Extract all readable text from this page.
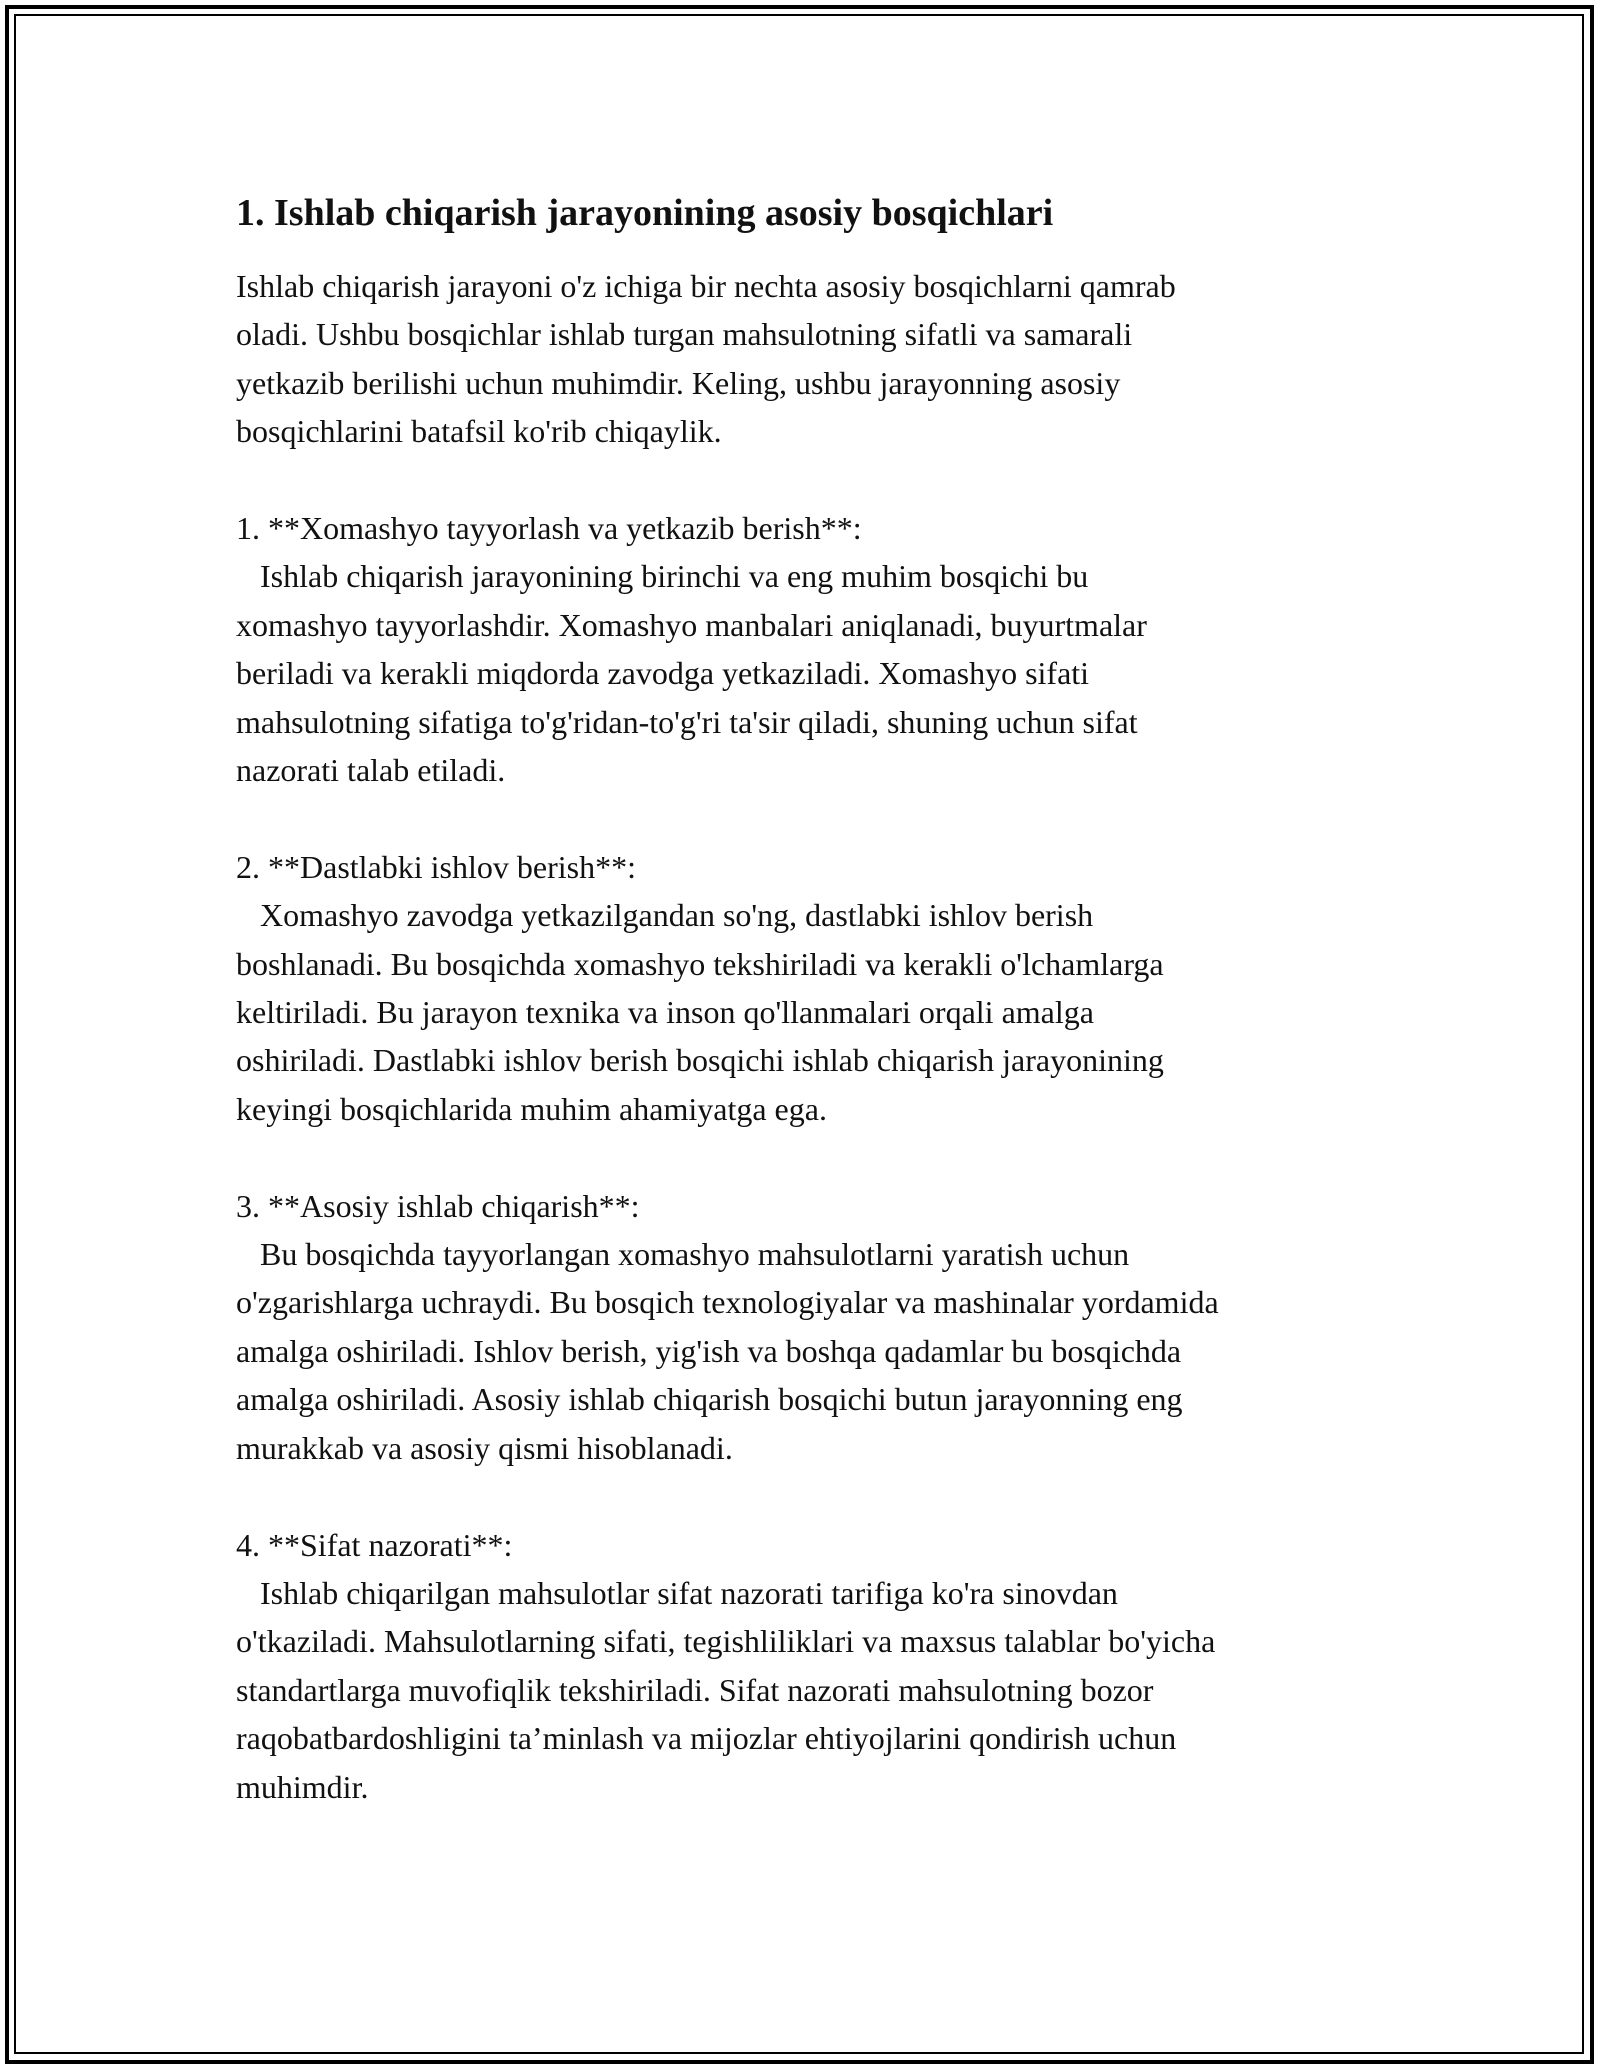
1. Ishlab chiqarish jarayonining asosiy bosqichlari

Ishlab chiqarish jarayoni o'z ichiga bir nechta asosiy bosqichlarni qamrab
oladi. Ushbu bosqichlar ishlab turgan mahsulotning sifatli va samarali
yetkazib berilishi uchun muhimdir. Keling, ushbu jarayonning asosiy
bosqichlarini batafsil ko'rib chiqaylik.

1. **Xomashyo tayyorlash va yetkazib berish**:

Ishlab chiqarish jarayonining birinchi va eng muhim bosqichi bu
xomashyo tayyorlashdir. Xomashyo manbalari aniqlanadi, buyurtmalar
beriladi va kerakli miqdorda zavodga yetkaziladi. Xomashyo sifati
mahsulotning sifatiga to'g'ridan-to'g'ri ta'sir qiladi, shuning uchun sifat
nazorati talab etiladi.

2. **Dastlabki ishlov berish**:

Xomashyo zavodga yetkazilgandan so'ng, dastlabki ishlov berish
boshlanadi. Bu bosqichda xomashyo tekshiriladi va kerakli o'lchamlarga
keltiriladi. Bu jarayon texnika va inson qo'llanmalari orqali amalga
oshiriladi. Dastlabki ishlov berish bosqichi ishlab chiqarish jarayonining
keyingi bosqichlarida muhim ahamiyatga ega.

3. **Asosiy ishlab chiqarish**:

Bu bosqichda tayyorlangan xomashyo mahsulotlarni yaratish uchun
o'zgarishlarga uchraydi. Bu bosqich texnologiyalar va mashinalar yordamida
amalga oshiriladi. Ishlov berish, yig'ish va boshqa qadamlar bu bosqichda
amalga oshiriladi. Asosiy ishlab chiqarish bosqichi butun jarayonning eng
murakkab va asosiy qismi hisoblanadi.

4. **Sifat nazorati**:

Ishlab chiqarilgan mahsulotlar sifat nazorati tarifiga ko'ra sinovdan
o'tkaziladi. Mahsulotlarning sifati, tegishliliklari va maxsus talablar bo'yicha
standartlarga muvofiqlik tekshiriladi. Sifat nazorati mahsulotning bozor
raqobatbardoshligini ta’minlash va mijozlar ehtiyojlarini qondirish uchun
muhimdir.
